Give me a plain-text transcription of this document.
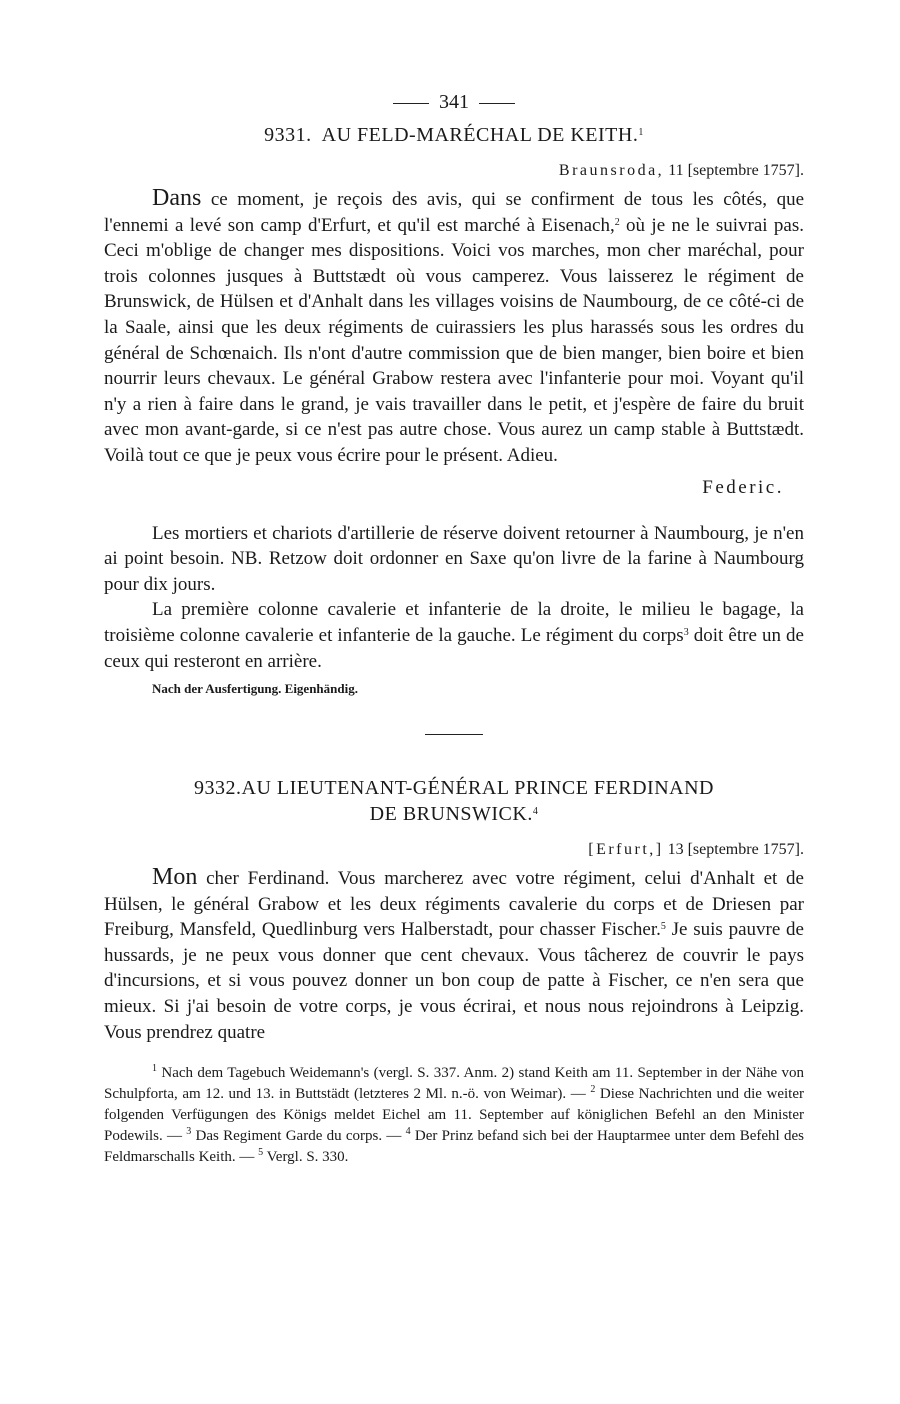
341
9331. AU FELD-MARÉCHAL DE KEITH.$^1$
Braunsroda, 11 [septembre 1757].

Dans ce moment, je reçois des avis, qui se confirment de tous les côtés, que l'ennemi a levé son camp d'Erfurt, et qu'il est marché à Eisenach,$^2$ où je ne le suivrai pas. Ceci m'oblige de changer mes dispositions. Voici vos marches, mon cher maréchal, pour trois colonnes jusques à Buttstædt où vous camperez. Vous laisserez le régiment de Brunswick, de Hülsen et d'Anhalt dans les villages voisins de Naumbourg, de ce côté-ci de la Saale, ainsi que les deux régiments de cuirassiers les plus harassés sous les ordres du général de Schœnaich. Ils n'ont d'autre commission que de bien manger, bien boire et bien nourrir leurs chevaux. Le général Grabow restera avec l'infanterie pour moi. Voyant qu'il n'y a rien à faire dans le grand, je vais travailler dans le petit, et j'espère de faire du bruit avec mon avant-garde, si ce n'est pas autre chose. Vous aurez un camp stable à Buttstædt. Voilà tout ce que je peux vous écrire pour le présent. Adieu.

Federic.

Les mortiers et chariots d'artillerie de réserve doivent retourner à Naumbourg, je n'en ai point besoin. NB. Retzow doit ordonner en Saxe qu'on livre de la farine à Naumbourg pour dix jours.

La première colonne cavalerie et infanterie de la droite, le milieu le bagage, la troisième colonne cavalerie et infanterie de la gauche. Le régiment du corps$^3$ doit être un de ceux qui resteront en arrière.

Nach der Ausfertigung. Eigenhändig.
9332.AU LIEUTENANT-GÉNÉRAL PRINCE FERDINAND
DE BRUNSWICK.$^4$
[Erfurt,] 13 [septembre 1757].

Mon cher Ferdinand. Vous marcherez avec votre régiment, celui d'Anhalt et de Hülsen, le général Grabow et les deux régiments cavalerie du corps et de Driesen par Freiburg, Mansfeld, Quedlinburg vers Halberstadt, pour chasser Fischer.$^5$ Je suis pauvre de hussards, je ne peux vous donner que cent chevaux. Vous tâcherez de couvrir le pays d'incursions, et si vous pouvez donner un bon coup de patte à Fischer, ce n'en sera que mieux. Si j'ai besoin de votre corps, je vous écrirai, et nous nous rejoindrons à Leipzig. Vous prendrez quatre

$^1$ Nach dem Tagebuch Weidemann's (vergl. S. 337. Anm. 2) stand Keith am 11. September in der Nähe von Schulpforta, am 12. und 13. in Buttstädt (letzteres 2 Ml. n.-ö. von Weimar). — $^2$ Diese Nachrichten und die weiter folgenden Verfügungen des Königs meldet Eichel am 11. September auf königlichen Befehl an den Minister Podewils. — $^3$ Das Regiment Garde du corps. — $^4$ Der Prinz befand sich bei der Hauptarmee unter dem Befehl des Feldmarschalls Keith. — $^5$ Vergl. S. 330.
